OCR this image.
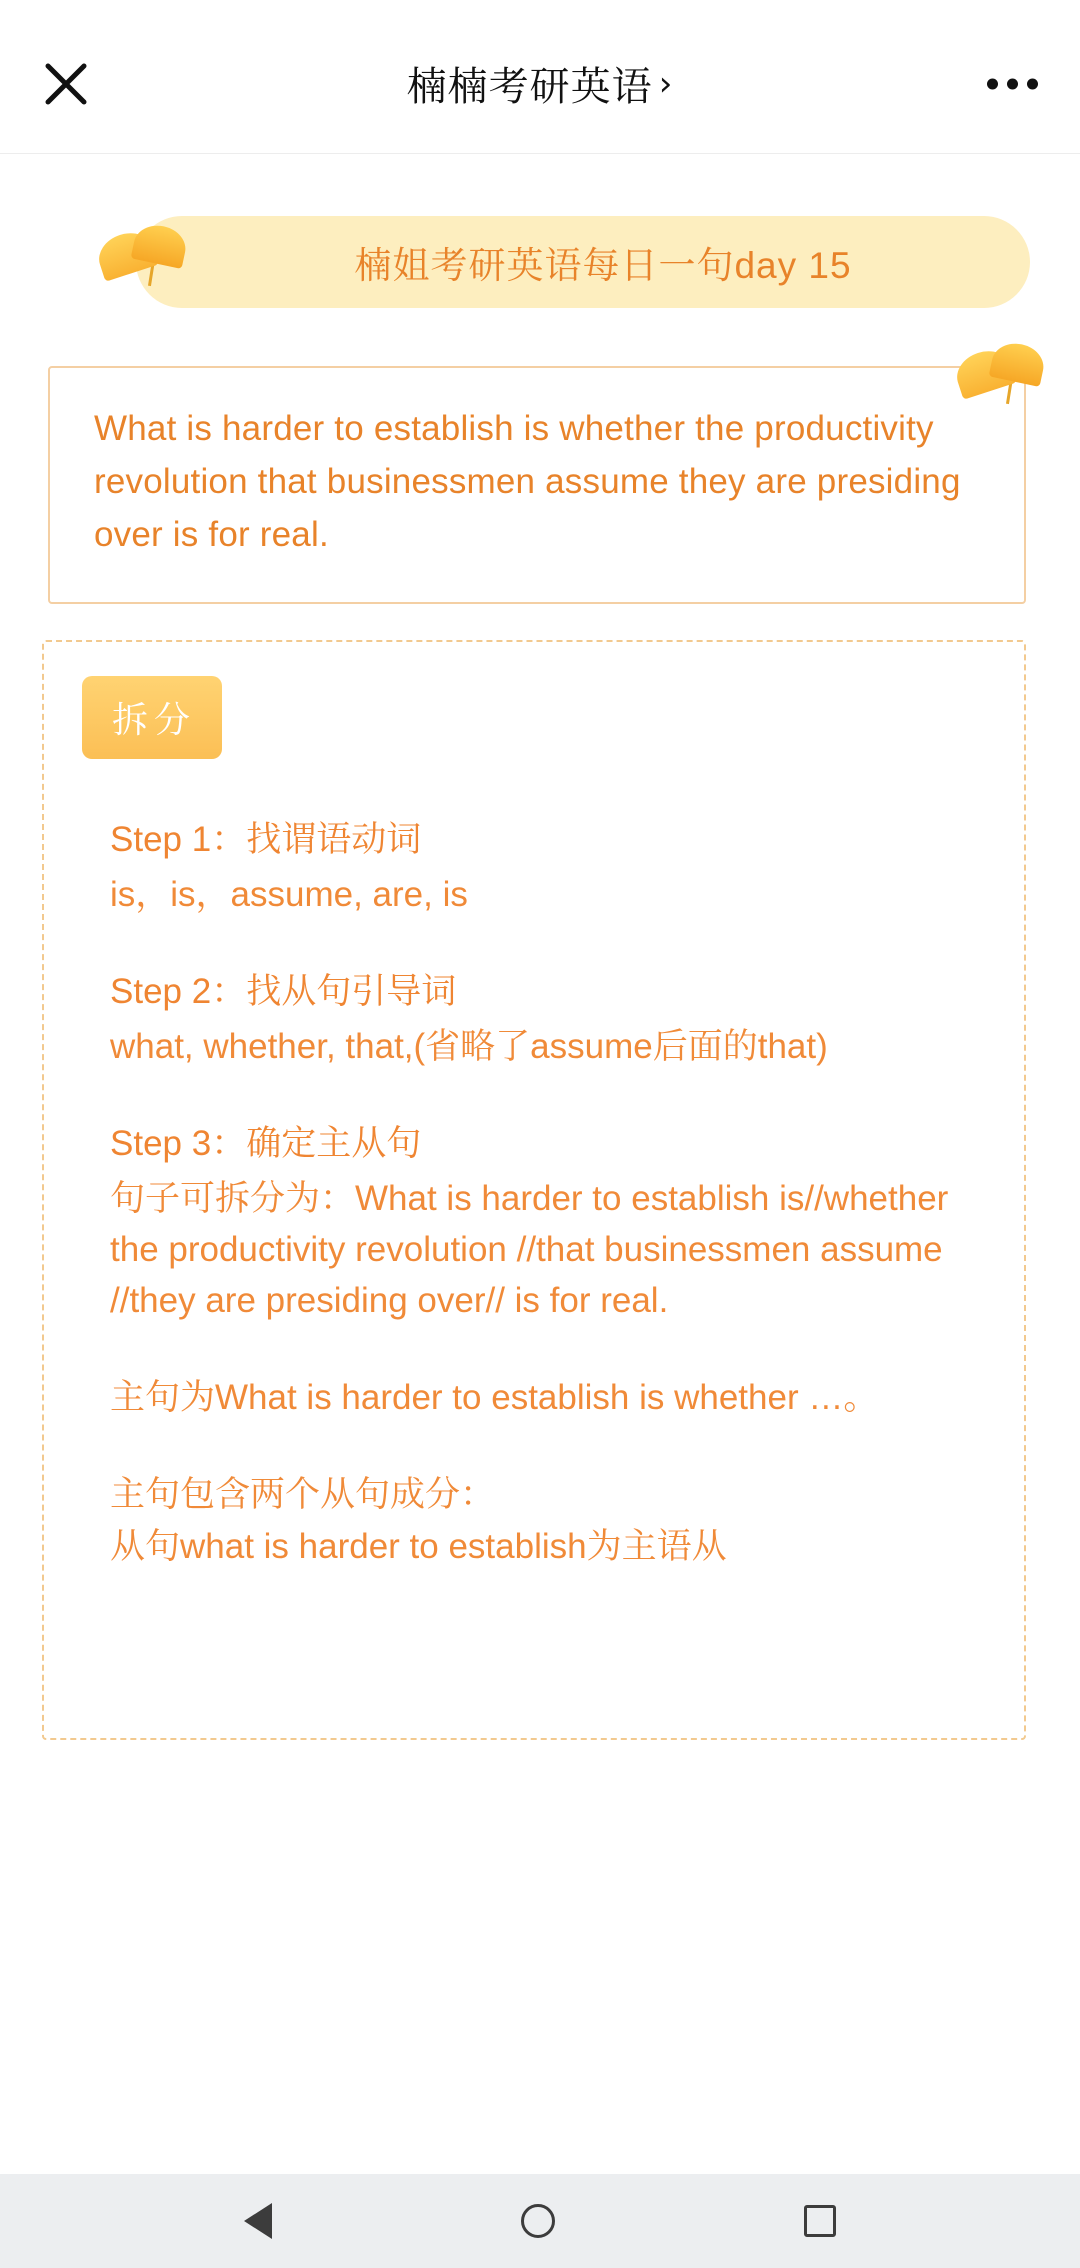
楠楠考研英语 ›
楠姐考研英语每日一句day 15
What is harder to establish is whether the productivity revolution that businessmen assume they are presiding over is for real.
拆分
Step 1：找谓语动词
is，is，assume, are, is
Step 2：找从句引导词
what, whether, that,(省略了assume后面的that)
Step 3：确定主从句
句子可拆分为：What is harder to establish is//whether the productivity revolution //that businessmen assume //they are presiding over// is for real.
主句为What is harder to establish is whether …。
主句包含两个从句成分：
从句what is harder to establish为主语从
